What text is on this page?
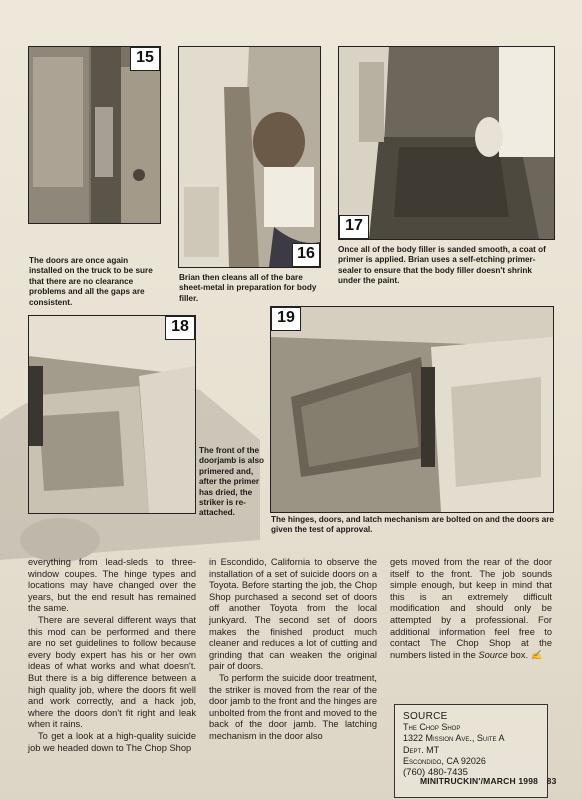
15
The doors are once again installed on the truck to be sure that there are no clearance problems and all the gaps are consistent.
16
Brian then cleans all of the bare sheet-metal in preparation for body filler.
17
Once all of the body filler is sanded smooth, a coat of primer is applied. Brian uses a self-etching primer-sealer to ensure that the body filler doesn't shrink under the paint.
18
The front of the doorjamb is also primered and, after the primer has dried, the striker is re-attached.
19
The hinges, doors, and latch mechanism are bolted on and the doors are given the test of approval.

everything from lead-sleds to three-window coupes. The hinge types and locations may have changed over the years, but the end result has remained the same.

There are several different ways that this mod can be performed and there are no set guidelines to follow because every body expert has his or her own ideas of what works and what doesn't. But there is a big difference between a high quality job, where the doors fit well and work correctly, and a hack job, where the doors don't fit right and leak when it rains.

To get a look at a high-quality suicide job we headed down to The Chop Shop

in Escondido, California to observe the installation of a set of suicide doors on a Toyota. Before starting the job, the Chop Shop purchased a second set of doors off another Toyota from the local junkyard. The second set of doors makes the finished product much cleaner and reduces a lot of cutting and grinding that can weaken the original pair of doors.

To perform the suicide door treatment, the striker is moved from the rear of the door jamb to the front and the hinges are unbolted from the front and moved to the back of the door jamb. The latching mechanism in the door also

gets moved from the rear of the door itself to the front. The job sounds simple enough, but keep in mind that this is an extremely difficult modification and should only be attempted by a professional. For additional information feel free to contact The Chop Shop at the numbers listed in the Source box. ✍

SOURCE
The Chop Shop
1322 Mission Ave., Suite A
Dept. MT
Escondido, CA 92026
(760) 480-7435
MINITRUCKIN'/MARCH 1998 83
